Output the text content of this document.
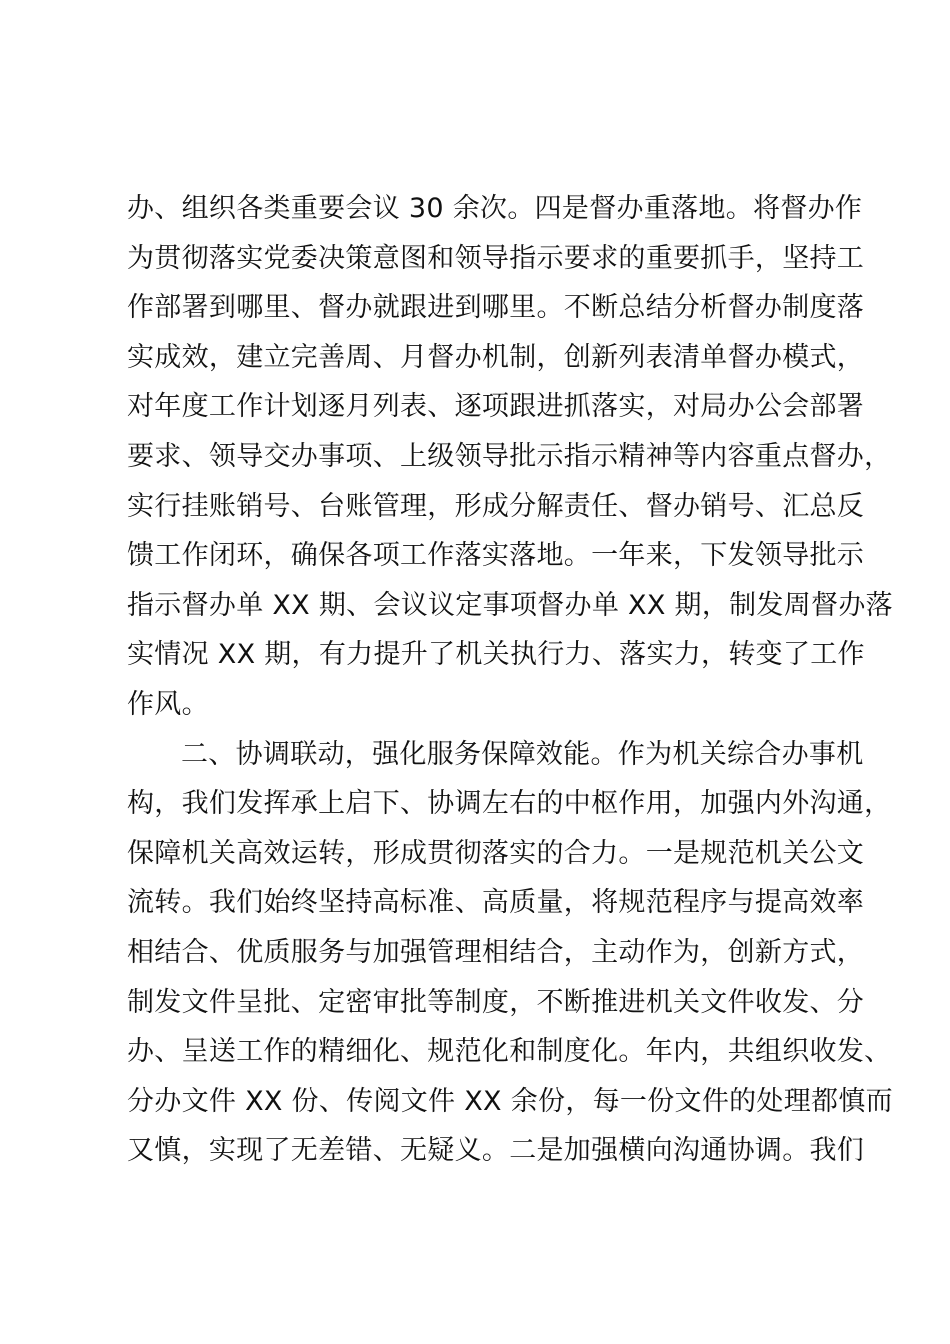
办、组织各类重要会议 30 余次。四是督办重落地。将督办作
为贯彻落实党委决策意图和领导指示要求的重要抓手，坚持工
作部署到哪里、督办就跟进到哪里。不断总结分析督办制度落
实成效，建立完善周、月督办机制，创新列表清单督办模式，
对年度工作计划逐月列表、逐项跟进抓落实，对局办公会部署
要求、领导交办事项、上级领导批示指示精神等内容重点督办，
实行挂账销号、台账管理，形成分解责任、督办销号、汇总反
馈工作闭环，确保各项工作落实落地。一年来，下发领导批示
指示督办单 XX 期、会议议定事项督办单 XX 期，制发周督办落
实情况 XX 期，有力提升了机关执行力、落实力，转变了工作
作风。
二、协调联动，强化服务保障效能。作为机关综合办事机
构，我们发挥承上启下、协调左右的中枢作用，加强内外沟通，
保障机关高效运转，形成贯彻落实的合力。一是规范机关公文
流转。我们始终坚持高标准、高质量，将规范程序与提高效率
相结合、优质服务与加强管理相结合，主动作为，创新方式，
制发文件呈批、定密审批等制度，不断推进机关文件收发、分
办、呈送工作的精细化、规范化和制度化。年内，共组织收发、
分办文件 XX 份、传阅文件 XX 余份，每一份文件的处理都慎而
又慎，实现了无差错、无疑义。二是加强横向沟通协调。我们
